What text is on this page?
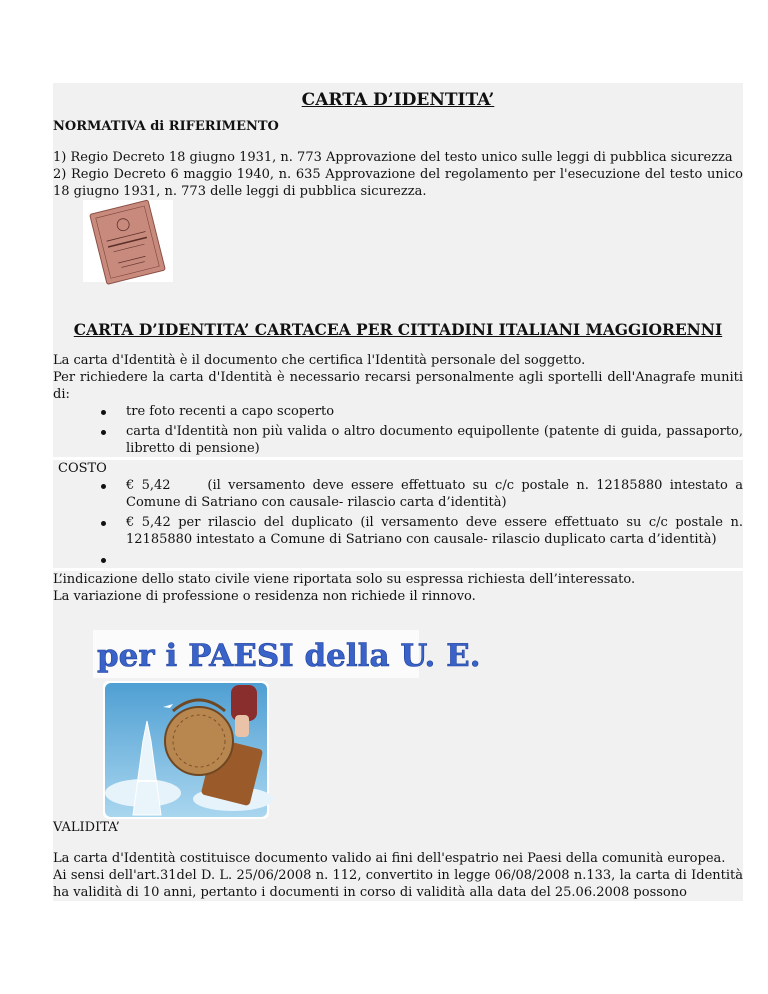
CARTA D’IDENTITA’
NORMATIVA di RIFERIMENTO
1) Regio Decreto 18 giugno 1931, n. 773 Approvazione del testo unico sulle leggi di pubblica sicurezza
2) Regio Decreto 6 maggio 1940, n. 635 Approvazione del regolamento per l'esecuzione del testo unico 18 giugno 1931, n. 773 delle leggi di pubblica sicurezza.
CARTA D’IDENTITA’ CARTACEA PER CITTADINI ITALIANI MAGGIORENNI
La carta d'Identità è il documento che certifica l'Identità personale del soggetto.
Per richiedere la carta d'Identità è necessario recarsi personalmente agli sportelli dell'Anagrafe muniti di:
tre foto recenti a capo scoperto
carta d'Identità non più valida o altro documento equipollente (patente di guida, passaporto, libretto di pensione)
COSTO
€ 5,42     (il versamento deve essere effettuato su c/c postale n. 12185880 intestato a Comune di Satriano con causale- rilascio carta d’identità)
€ 5,42 per rilascio del duplicato (il versamento deve essere effettuato su c/c postale n. 12185880 intestato a Comune di Satriano con causale- rilascio duplicato carta d’identità)
L’indicazione dello stato civile viene riportata solo su espressa richiesta dell’interessato.
La variazione di professione o residenza non richiede il rinnovo.
per i PAESI della U. E.
VALIDITA’
La carta d'Identità costituisce documento valido ai fini dell'espatrio nei Paesi della comunità europea.
Ai sensi dell'art.31del D. L. 25/06/2008 n. 112, convertito in legge 06/08/2008 n.133, la carta di Identità ha validità di 10 anni, pertanto i documenti in corso di validità alla data del 25.06.2008 possono
